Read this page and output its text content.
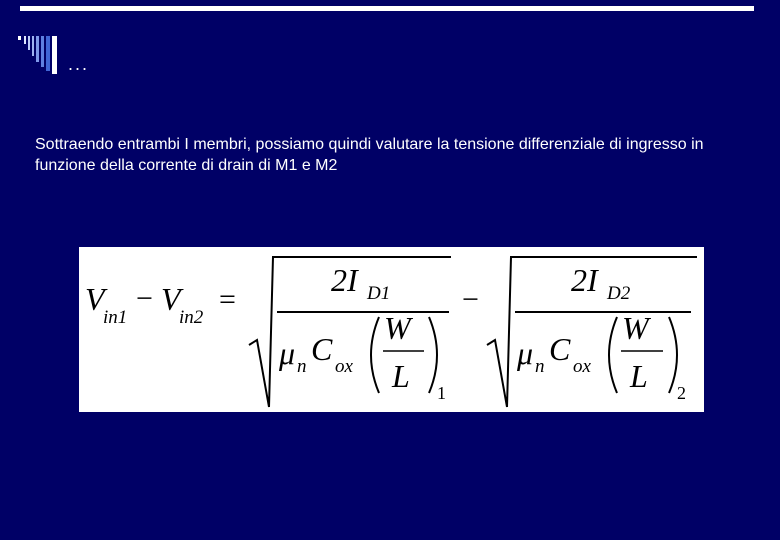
...
Sottraendo entrambi I membri, possiamo quindi valutare la tensione differenziale di ingresso in funzione della corrente di drain di M1 e M2
V
in1
− V
in2
=
2I D1
μ n C ox
W
L 1
−
2I D2
μ n C ox
W
L 2
